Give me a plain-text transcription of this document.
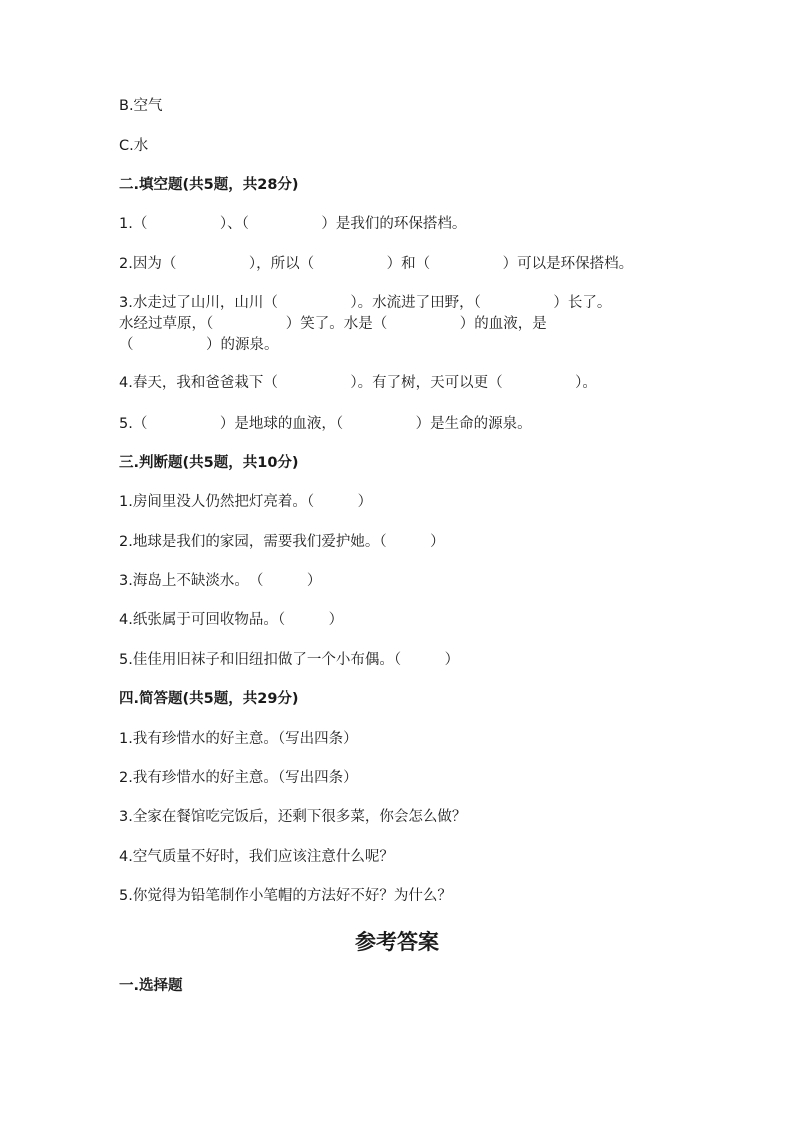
B.空气
C.水
二.填空题(共5题，共28分)
1.（　　　　　）、（　　　　　）是我们的环保搭档。
2.因为（　　　　　），所以（　　　　　）和（　　　　　）可以是环保搭档。
3.水走过了山川，山川（　　　　　）。水流进了田野，（　　　　　）长了。
水经过草原，（　　　　　）笑了。水是（　　　　　）的血液，是
（　　　　　）的源泉。
4.春天，我和爸爸栽下（　　　　　）。有了树，天可以更（　　　　　）。
5.（　　　　　）是地球的血液，（　　　　　）是生命的源泉。
三.判断题(共5题，共10分)
1.房间里没人仍然把灯亮着。（　　　）
2.地球是我们的家园，需要我们爱护她。（　　　）
3.海岛上不缺淡水。　（　　　）
4.纸张属于可回收物品。（　　　）
5.佳佳用旧袜子和旧纽扣做了一个小布偶。（　　　）
四.简答题(共5题，共29分)
1.我有珍惜水的好主意。（写出四条）
2.我有珍惜水的好主意。（写出四条）
3.全家在餐馆吃完饭后，还剩下很多菜，你会怎么做？
4.空气质量不好时，我们应该注意什么呢？
5.你觉得为铅笔制作小笔帽的方法好不好？为什么？
参考答案
一.选择题
